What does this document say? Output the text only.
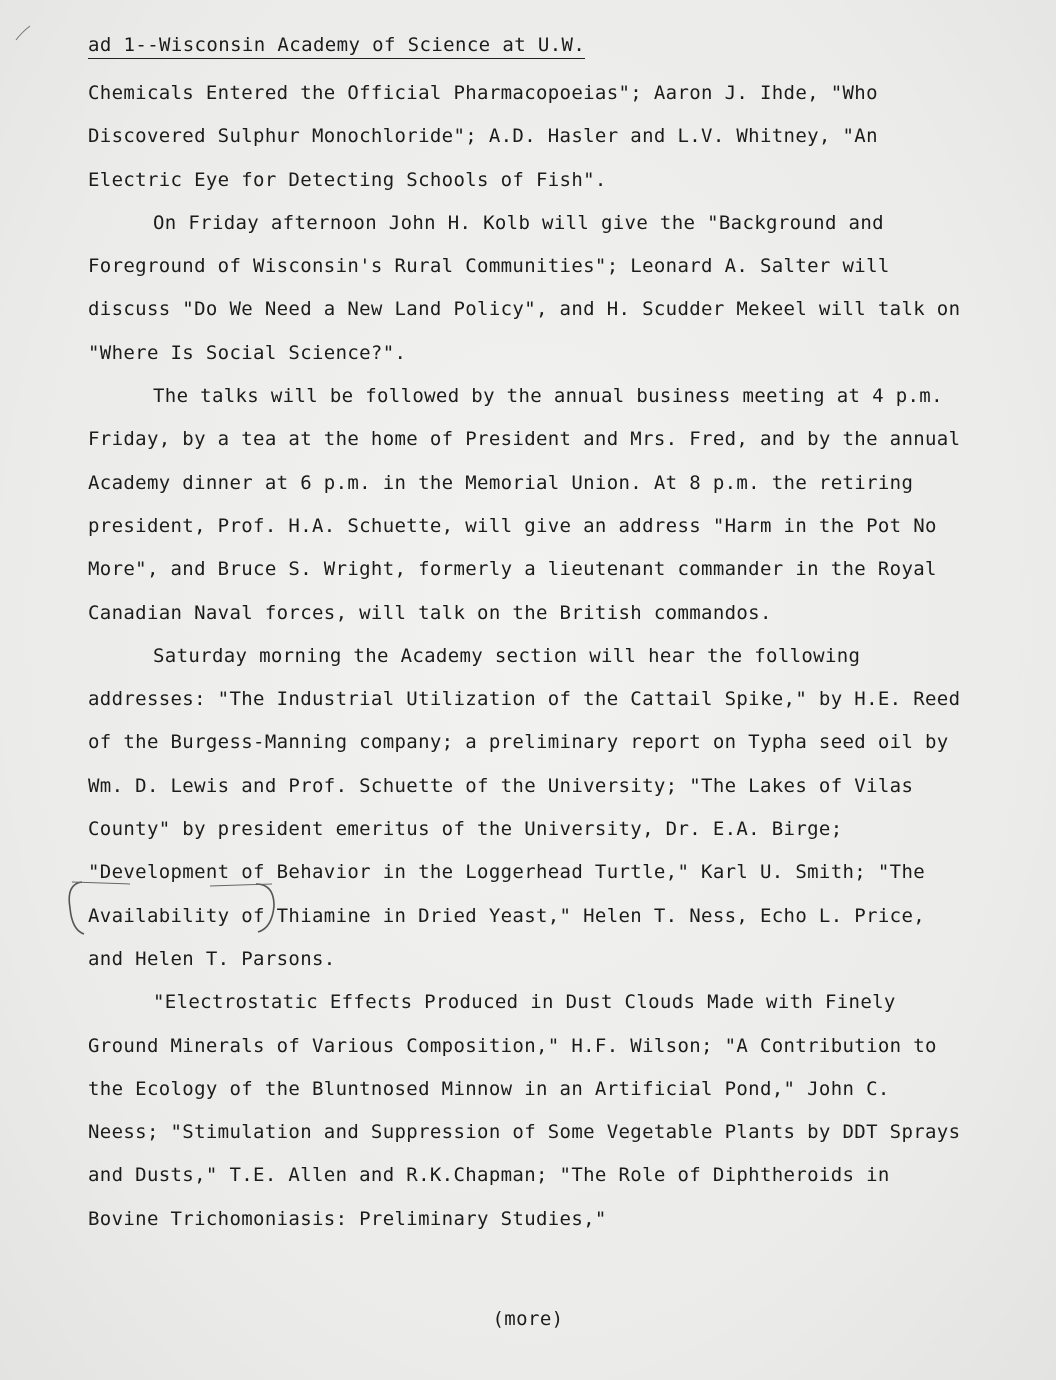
ad 1--Wisconsin Academy of Science at U.W.

Chemicals Entered the Official Pharmacopoeias"; Aaron J. Ihde, "Who Discovered Sulphur Monochloride"; A.D. Hasler and L.V. Whitney, "An Electric Eye for Detecting Schools of Fish".

On Friday afternoon John H. Kolb will give the "Background and Foreground of Wisconsin's Rural Communities"; Leonard A. Salter will discuss "Do We Need a New Land Policy", and H. Scudder Mekeel will talk on "Where Is Social Science?".

The talks will be followed by the annual business meeting at 4 p.m. Friday, by a tea at the home of President and Mrs. Fred, and by the annual Academy dinner at 6 p.m. in the Memorial Union. At 8 p.m. the retiring president, Prof. H.A. Schuette, will give an address "Harm in the Pot No More", and Bruce S. Wright, formerly a lieutenant commander in the Royal Canadian Naval forces, will talk on the British commandos.

Saturday morning the Academy section will hear the following addresses: "The Industrial Utilization of the Cattail Spike," by H.E. Reed of the Burgess-Manning company; a preliminary report on Typha seed oil by Wm. D. Lewis and Prof. Schuette of the University; "The Lakes of Vilas County" by president emeritus of the University, Dr. E.A. Birge; "Development of Behavior in the Loggerhead Turtle," Karl U. Smith; "The Availability of Thiamine in Dried Yeast," Helen T. Ness, Echo L. Price, and Helen T. Parsons.

"Electrostatic Effects Produced in Dust Clouds Made with Finely Ground Minerals of Various Composition," H.F. Wilson; "A Contribution to the Ecology of the Bluntnosed Minnow in an Artificial Pond," John C. Neess; "Stimulation and Suppression of Some Vegetable Plants by DDT Sprays and Dusts," T.E. Allen and R.K.Chapman; "The Role of Diphtheroids in Bovine Trichomoniasis: Preliminary Studies,"

(more)
